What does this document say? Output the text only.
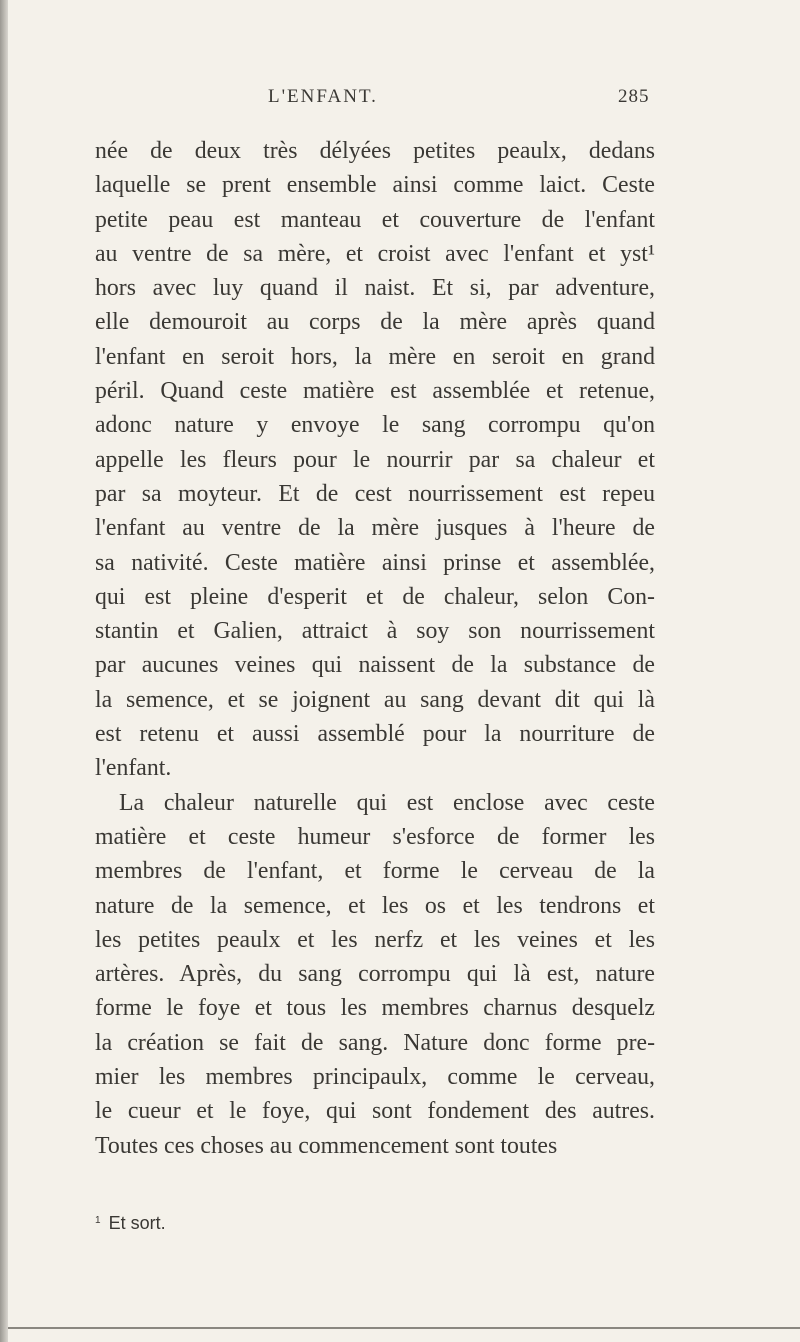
L'ENFANT.	285
née de deux très délyées petites peaulx, dedans
laquelle se prent ensemble ainsi comme laict. Ceste
petite peau est manteau et couverture de l'enfant
au ventre de sa mère, et croist avec l'enfant et yst¹
hors avec luy quand il naist. Et si, par adventure,
elle demouroit au corps de la mère après quand
l'enfant en seroit hors, la mère en seroit en grand
péril. Quand ceste matière est assemblée et retenue,
adonc nature y envoye le sang corrompu qu'on
appelle les fleurs pour le nourrir par sa chaleur et
par sa moyteur. Et de cest nourrissement est repeu
l'enfant au ventre de la mère jusques à l'heure de
sa nativité. Ceste matière ainsi prinse et assemblée,
qui est pleine d'esperit et de chaleur, selon Con-
stantin et Galien, attraict à soy son nourrissement
par aucunes veines qui naissent de la substance de
la semence, et se joignent au sang devant dit qui là
est retenu et aussi assemblé pour la nourriture de
l'enfant.
La chaleur naturelle qui est enclose avec ceste
matière et ceste humeur s'esforce de former les
membres de l'enfant, et forme le cerveau de la
nature de la semence, et les os et les tendrons et
les petites peaulx et les nerfz et les veines et les
artères. Après, du sang corrompu qui là est, nature
forme le foye et tous les membres charnus desquelz
la création se fait de sang. Nature donc forme pre-
mier les membres principaulx, comme le cerveau,
le cueur et le foye, qui sont fondement des autres.
Toutes ces choses au commencement sont toutes
$^1$ Et sort.
